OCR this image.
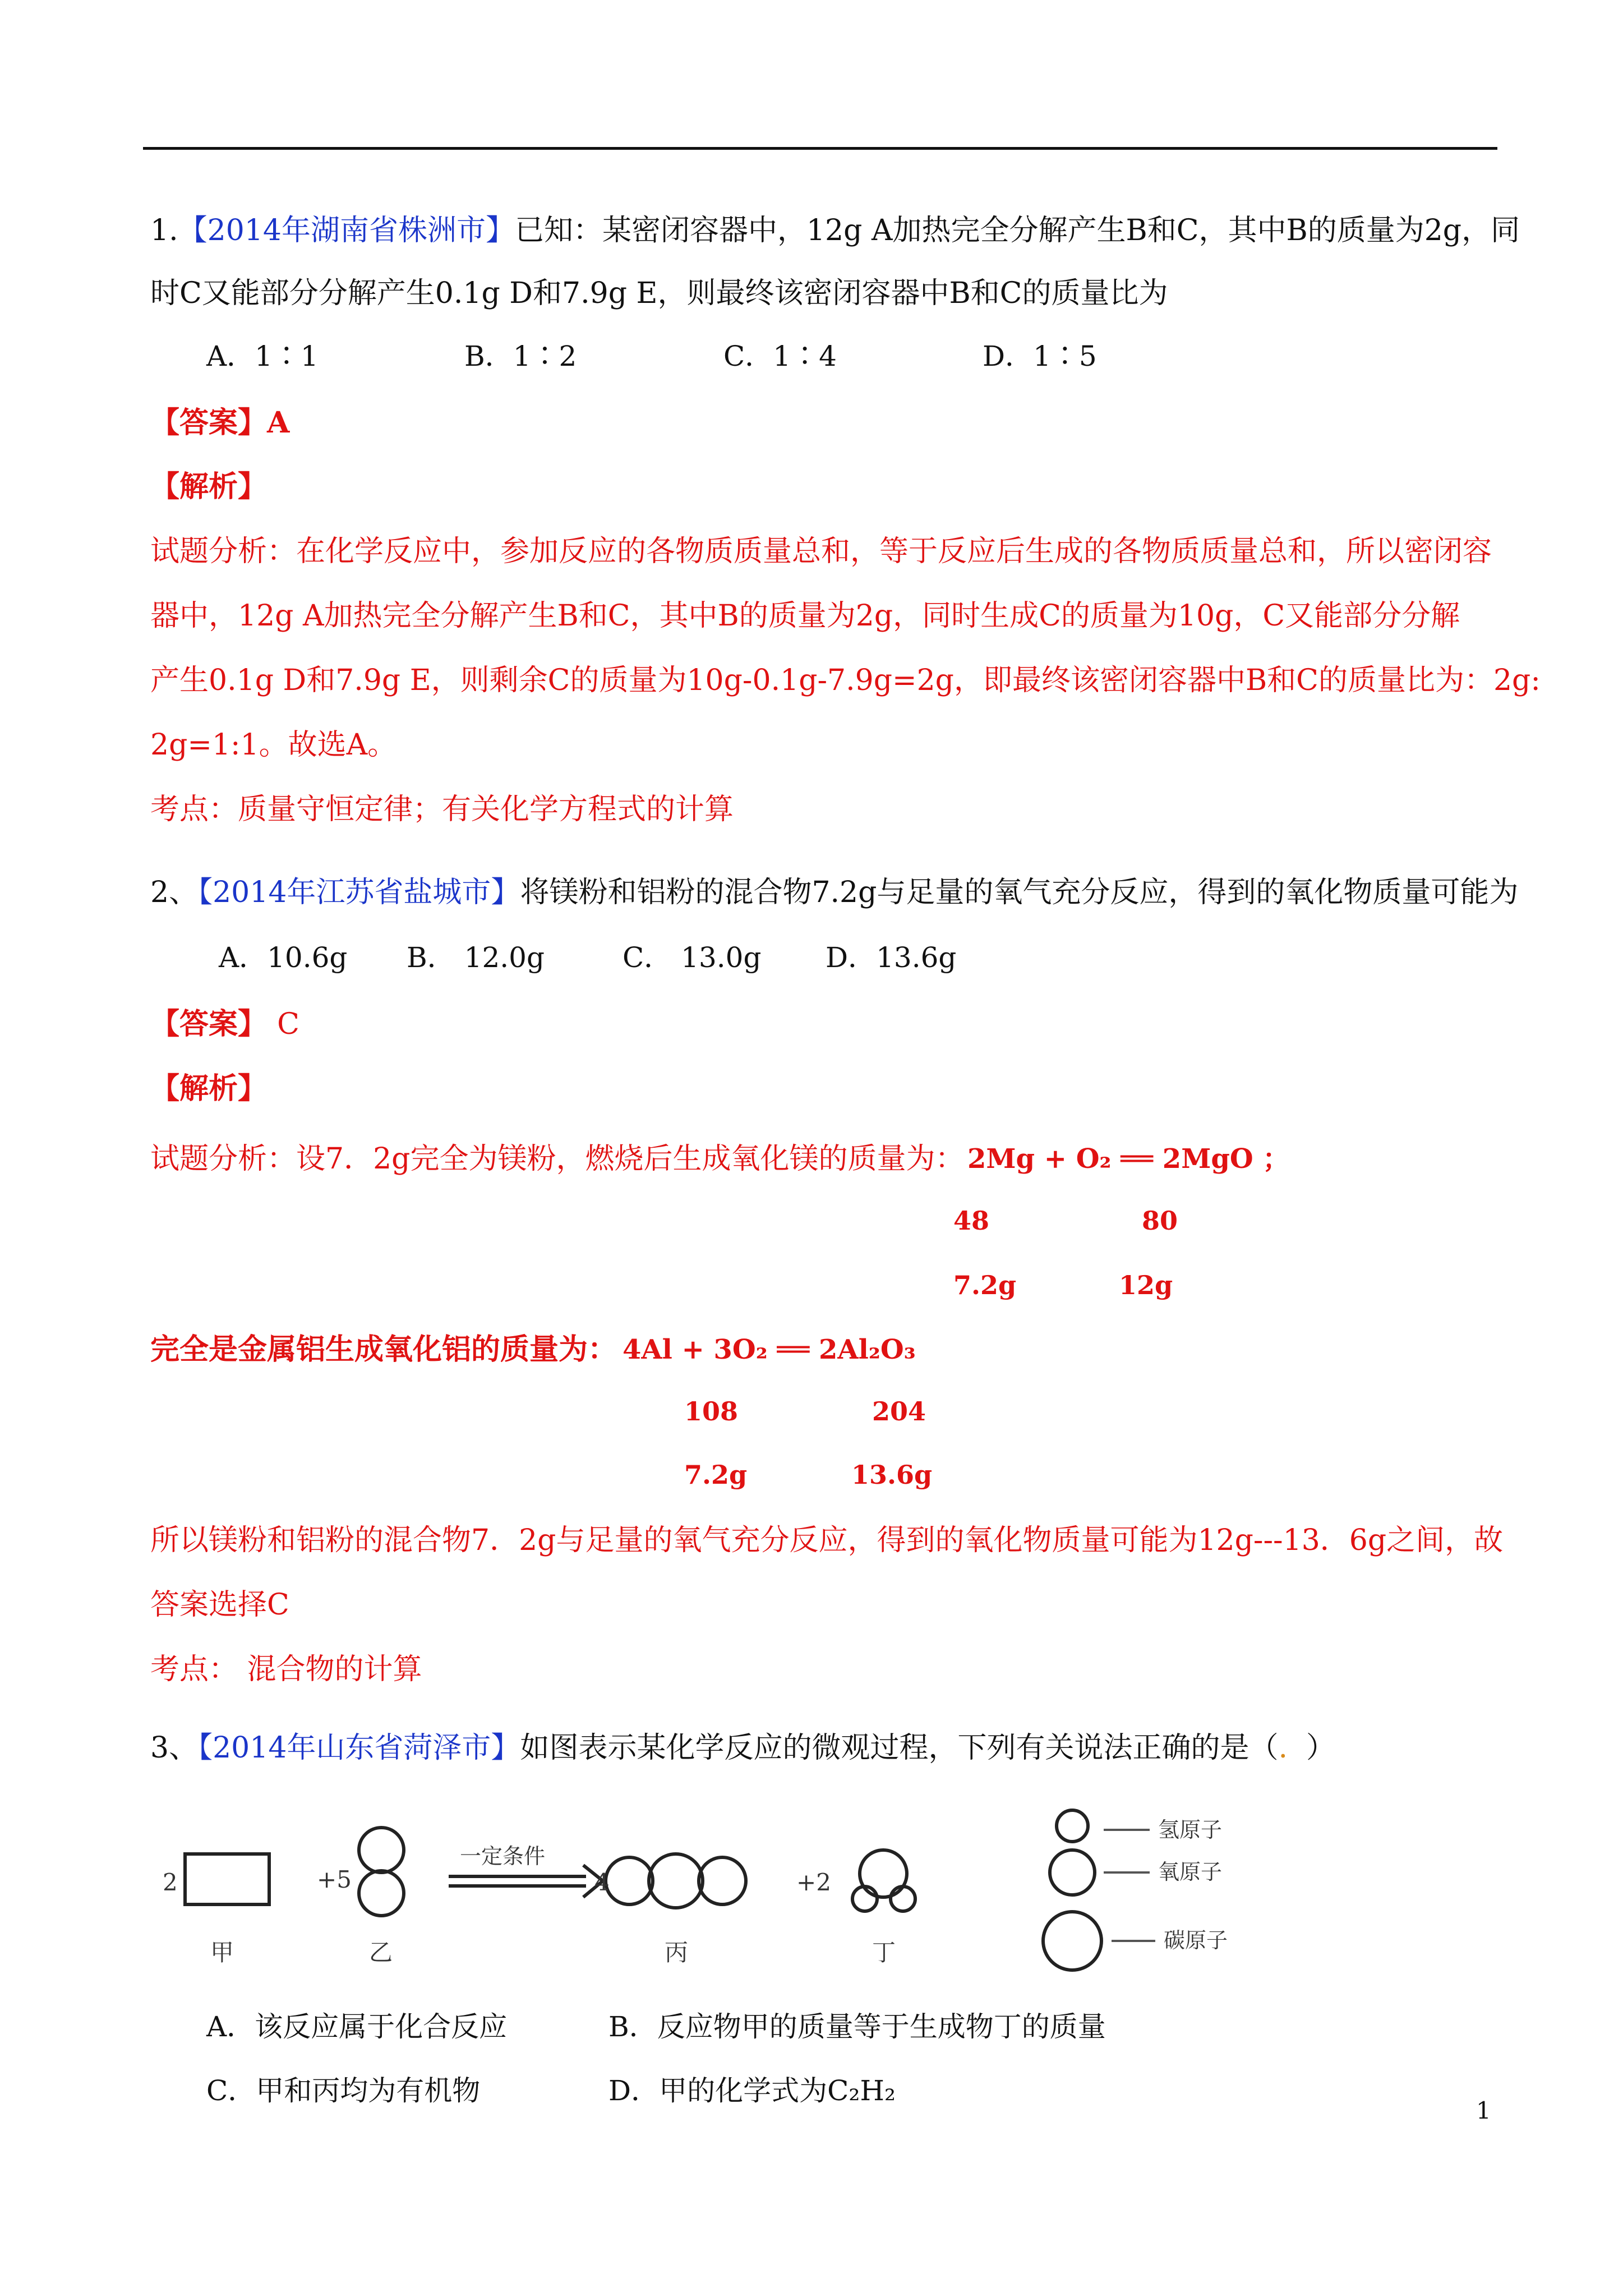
1.【2014年湖南省株洲市】已知：某密闭容器中，12g A加热完全分解产生B和C，其中B的质量为2g，同
时C又能部分分解产生0.1g D和7.9g E，则最终该密闭容器中B和C的质量比为
A．1∶1	B．1∶2	C．1∶4	D．1∶5
【答案】A
【解析】
试题分析：在化学反应中，参加反应的各物质质量总和，等于反应后生成的各物质质量总和，所以密闭容
器中，12g A加热完全分解产生B和C，其中B的质量为2g，同时生成C的质量为10g，C又能部分分解
产生0.1g D和7.9g E，则剩余C的质量为10g-0.1g-7.9g=2g，即最终该密闭容器中B和C的质量比为：2g:
2g=1:1。故选A。
考点：质量守恒定律；有关化学方程式的计算
2、【2014年江苏省盐城市】将镁粉和铝粉的混合物7.2g与足量的氧气充分反应，得到的氧化物质量可能为
A．10.6g B． 12.0g	C． 13.0g D．13.6g
【答案】 C
【解析】
试题分析：设7．2g完全为镁粉，燃烧后生成氧化镁的质量为： 2Mg + O₂ ══ 2MgO ；
48	80
7.2g	12g
完全是金属铝生成氧化铝的质量为： 4Al + 3O₂ ══ 2Al₂O₃
108	204
7.2g	13.6g
所以镁粉和铝粉的混合物7．2g与足量的氧气充分反应，得到的氧化物质量可能为12g---13．6g之间，故
答案选择C
考点： 混合物的计算
3、【2014年山东省菏泽市】如图表示某化学反应的微观过程，下列有关说法正确的是（. ）
2	+5	4	+2
一定条件
甲	乙	丙	丁
氢原子
氧原子
碳原子
A．该反应属于化合反应	B．反应物甲的质量等于生成物丁的质量
C．甲和丙均为有机物	D．甲的化学式为C₂H₂
1
